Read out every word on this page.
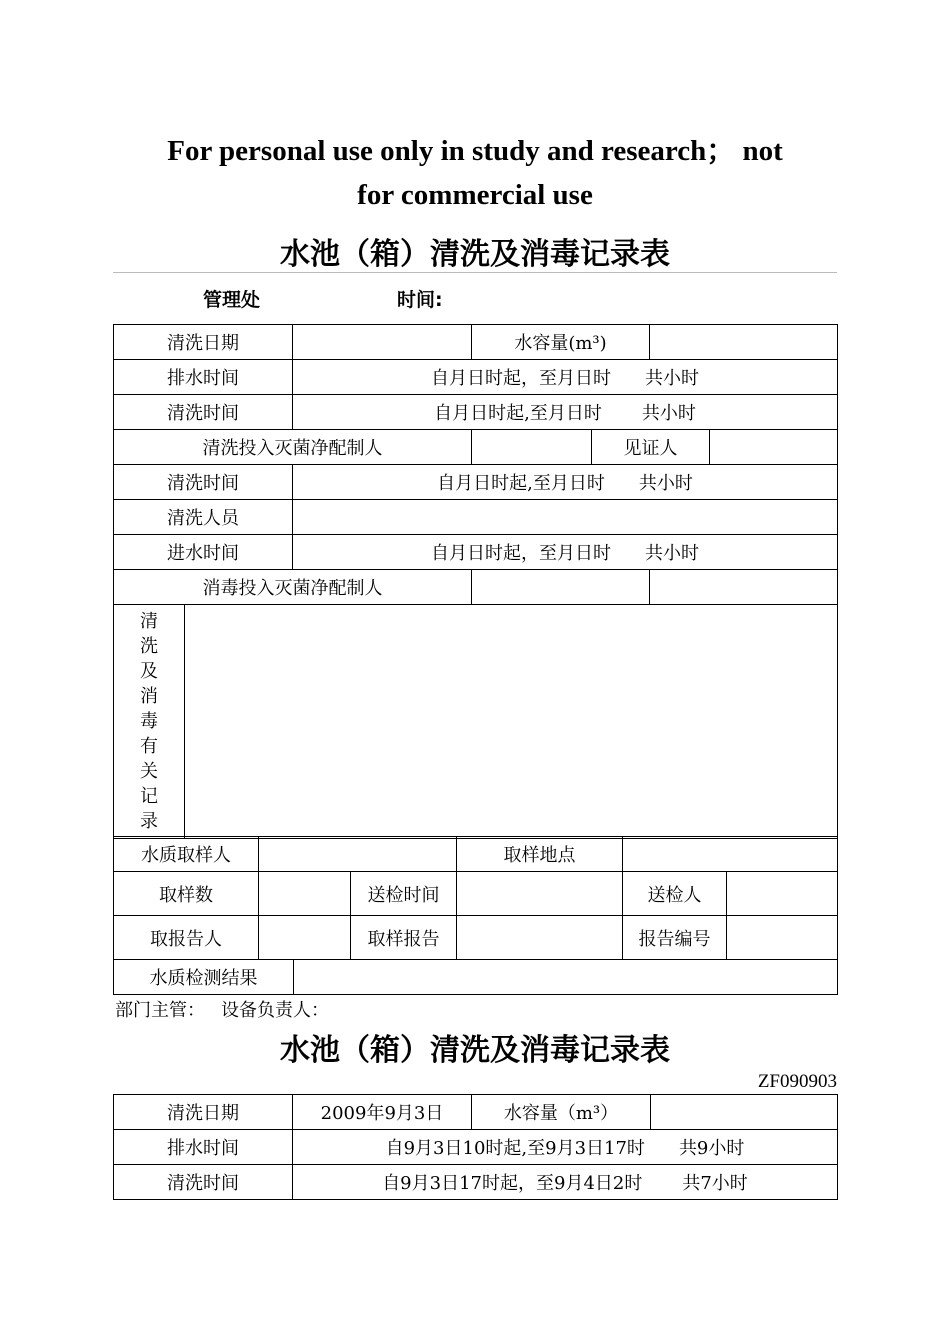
For personal use only in study and research； not
for commercial use
水池（箱）清洗及消毒记录表
管理处	时间:
清洗日期		水容量(m³)		
排水时间	自月日时起，至月日时 共小时			
清洗时间	自月日时起,至月日时 共小时			
清洗投入灭菌净配制人			见证人	

清洗时间	自月日时起,至月日时 共小时			
清洗人员				
进水时间	自月日时起，至月日时 共小时			
消毒投入灭菌净配制人				

清洗及消毒有关记录				
水质取样人			取样地点		
取样数		送检时间		送检人	
取报告人		取样报告		报告编号	

水质检测结果					
部门主管： 设备负责人：
水池（箱）清洗及消毒记录表
ZF090903
清洗日期	2009年9月3日	水容量（m³）	
排水时间	自9月3日10时起,至9月3日17时 共9小时		
清洗时间	自9月3日17时起，至9月4日2时 共7小时		
